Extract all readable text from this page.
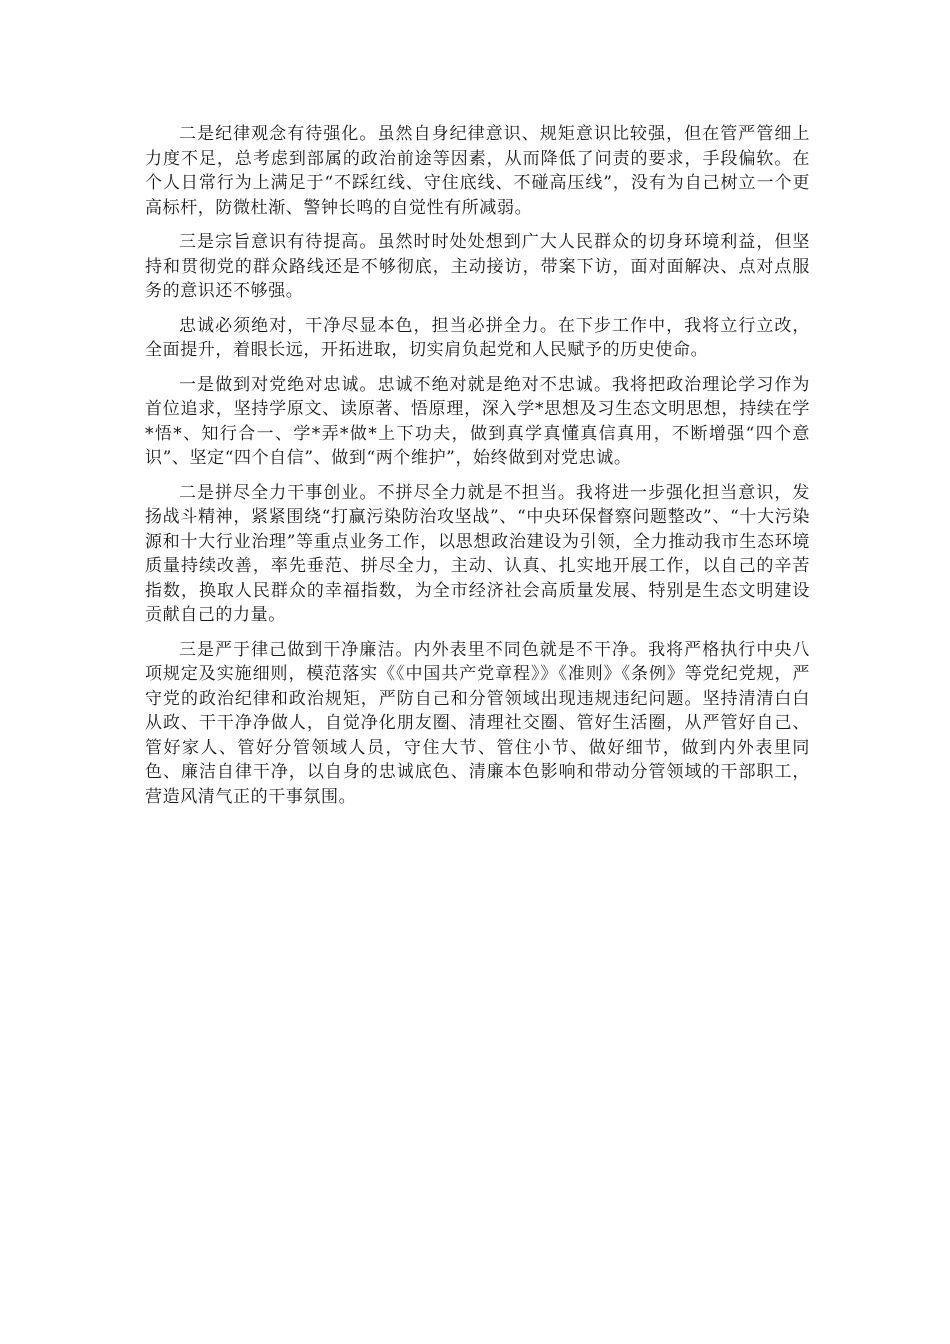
二是纪律观念有待强化。虽然自身纪律意识、规矩意识比较强，但在管严管细上力度不足，总考虑到部属的政治前途等因素，从而降低了问责的要求，手段偏软。在个人日常行为上满足于“不踩红线、守住底线、不碰高压线”，没有为自己树立一个更高标杆，防微杜渐、警钟长鸣的自觉性有所减弱。

三是宗旨意识有待提高。虽然时时处处想到广大人民群众的切身环境利益，但坚持和贯彻党的群众路线还是不够彻底，主动接访，带案下访，面对面解决、点对点服务的意识还不够强。

忠诚必须绝对，干净尽显本色，担当必拼全力。在下步工作中，我将立行立改，全面提升，着眼长远，开拓进取，切实肩负起党和人民赋予的历史使命。

一是做到对党绝对忠诚。忠诚不绝对就是绝对不忠诚。我将把政治理论学习作为首位追求，坚持学原文、读原著、悟原理，深入学*思想及习生态文明思想，持续在学*悟*、知行合一、学*弄*做*上下功夫，做到真学真懂真信真用，不断增强“四个意识”、坚定“四个自信”、做到“两个维护”，始终做到对党忠诚。

二是拼尽全力干事创业。不拼尽全力就是不担当。我将进一步强化担当意识，发扬战斗精神，紧紧围绕“打赢污染防治攻坚战”、“中央环保督察问题整改”、“十大污染源和十大行业治理”等重点业务工作，以思想政治建设为引领，全力推动我市生态环境质量持续改善，率先垂范、拼尽全力，主动、认真、扎实地开展工作，以自己的辛苦指数，换取人民群众的幸福指数，为全市经济社会高质量发展、特别是生态文明建设贡献自己的力量。

三是严于律己做到干净廉洁。内外表里不同色就是不干净。我将严格执行中央八项规定及实施细则，模范落实《《中国共产党章程》》《准则》《条例》等党纪党规，严守党的政治纪律和政治规矩，严防自己和分管领域出现违规违纪问题。坚持清清白白从政、干干净净做人，自觉净化朋友圈、清理社交圈、管好生活圈，从严管好自己、管好家人、管好分管领域人员，守住大节、管住小节、做好细节，做到内外表里同色、廉洁自律干净，以自身的忠诚底色、清廉本色影响和带动分管领域的干部职工，营造风清气正的干事氛围。
